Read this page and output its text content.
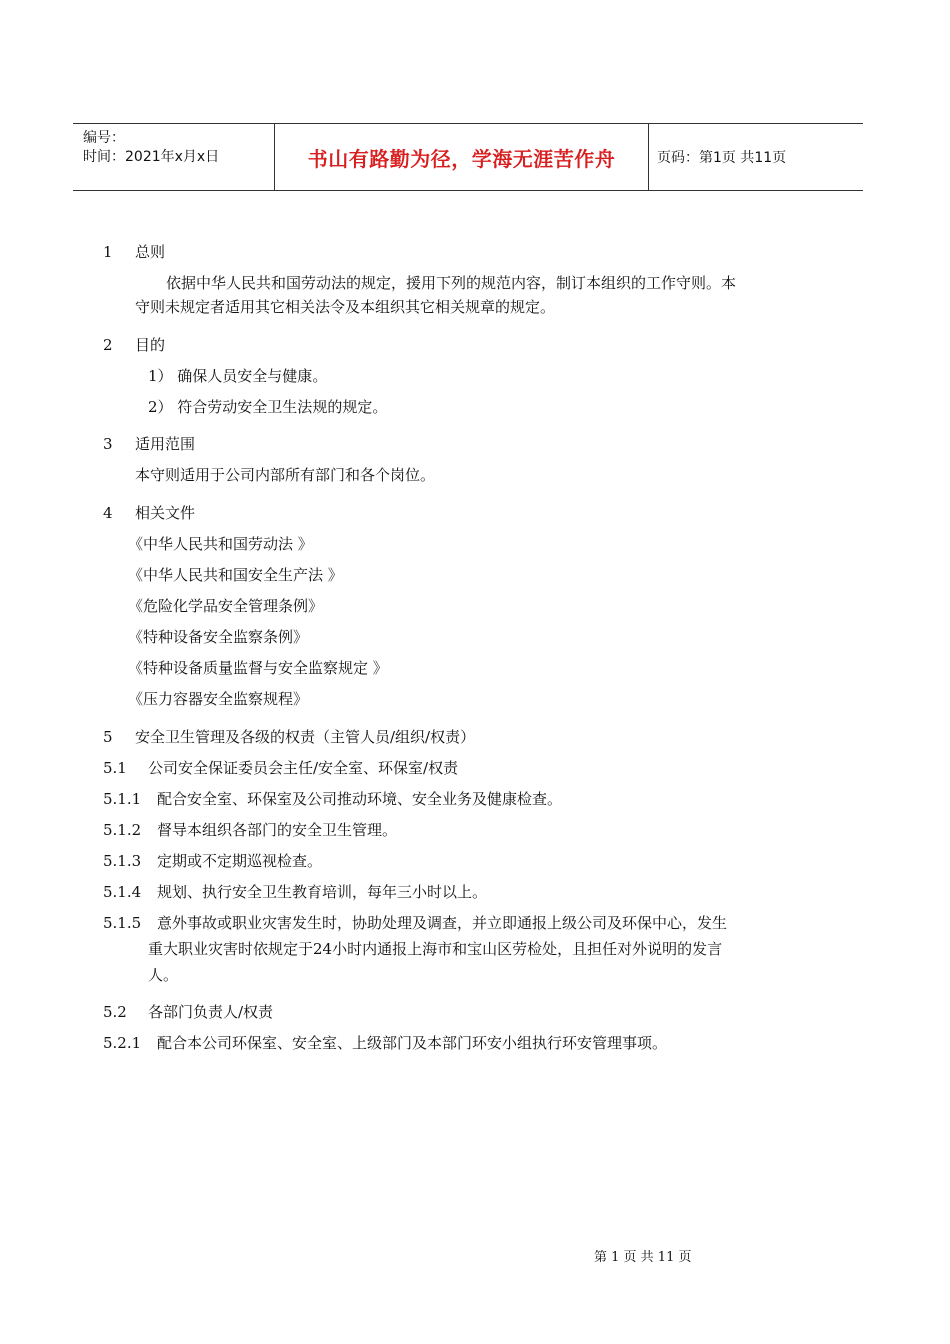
编号：
时间：2021年x月x日	书山有路勤为径，学海无涯苦作舟	页码：第1页 共11页
1 总则
依据中华人民共和国劳动法的规定，援用下列的规范内容，制订本组织的工作守则。本
守则未规定者适用其它相关法令及本组织其它相关规章的规定。
2 目的
1） 确保人员安全与健康。
2） 符合劳动安全卫生法规的规定。
3 适用范围
本守则适用于公司内部所有部门和各个岗位。
4 相关文件
《中华人民共和国劳动法 》
《中华人民共和国安全生产法 》
《危险化学品安全管理条例》
《特种设备安全监察条例》
《特种设备质量监督与安全监察规定 》
《压力容器安全监察规程》
5 安全卫生管理及各级的权责（主管人员/组织/权责）
5.1 公司安全保证委员会主任/安全室、环保室/权责
5.1.1 配合安全室、环保室及公司推动环境、安全业务及健康检查。
5.1.2 督导本组织各部门的安全卫生管理。
5.1.3 定期或不定期巡视检查。
5.1.4 规划、执行安全卫生教育培训，每年三小时以上。
5.1.5 意外事故或职业灾害发生时，协助处理及调查，并立即通报上级公司及环保中心，发生
重大职业灾害时依规定于24小时内通报上海市和宝山区劳检处，且担任对外说明的发言
人。
5.2 各部门负责人/权责
5.2.1 配合本公司环保室、安全室、上级部门及本部门环安小组执行环安管理事项。
第 1 页 共 11 页
